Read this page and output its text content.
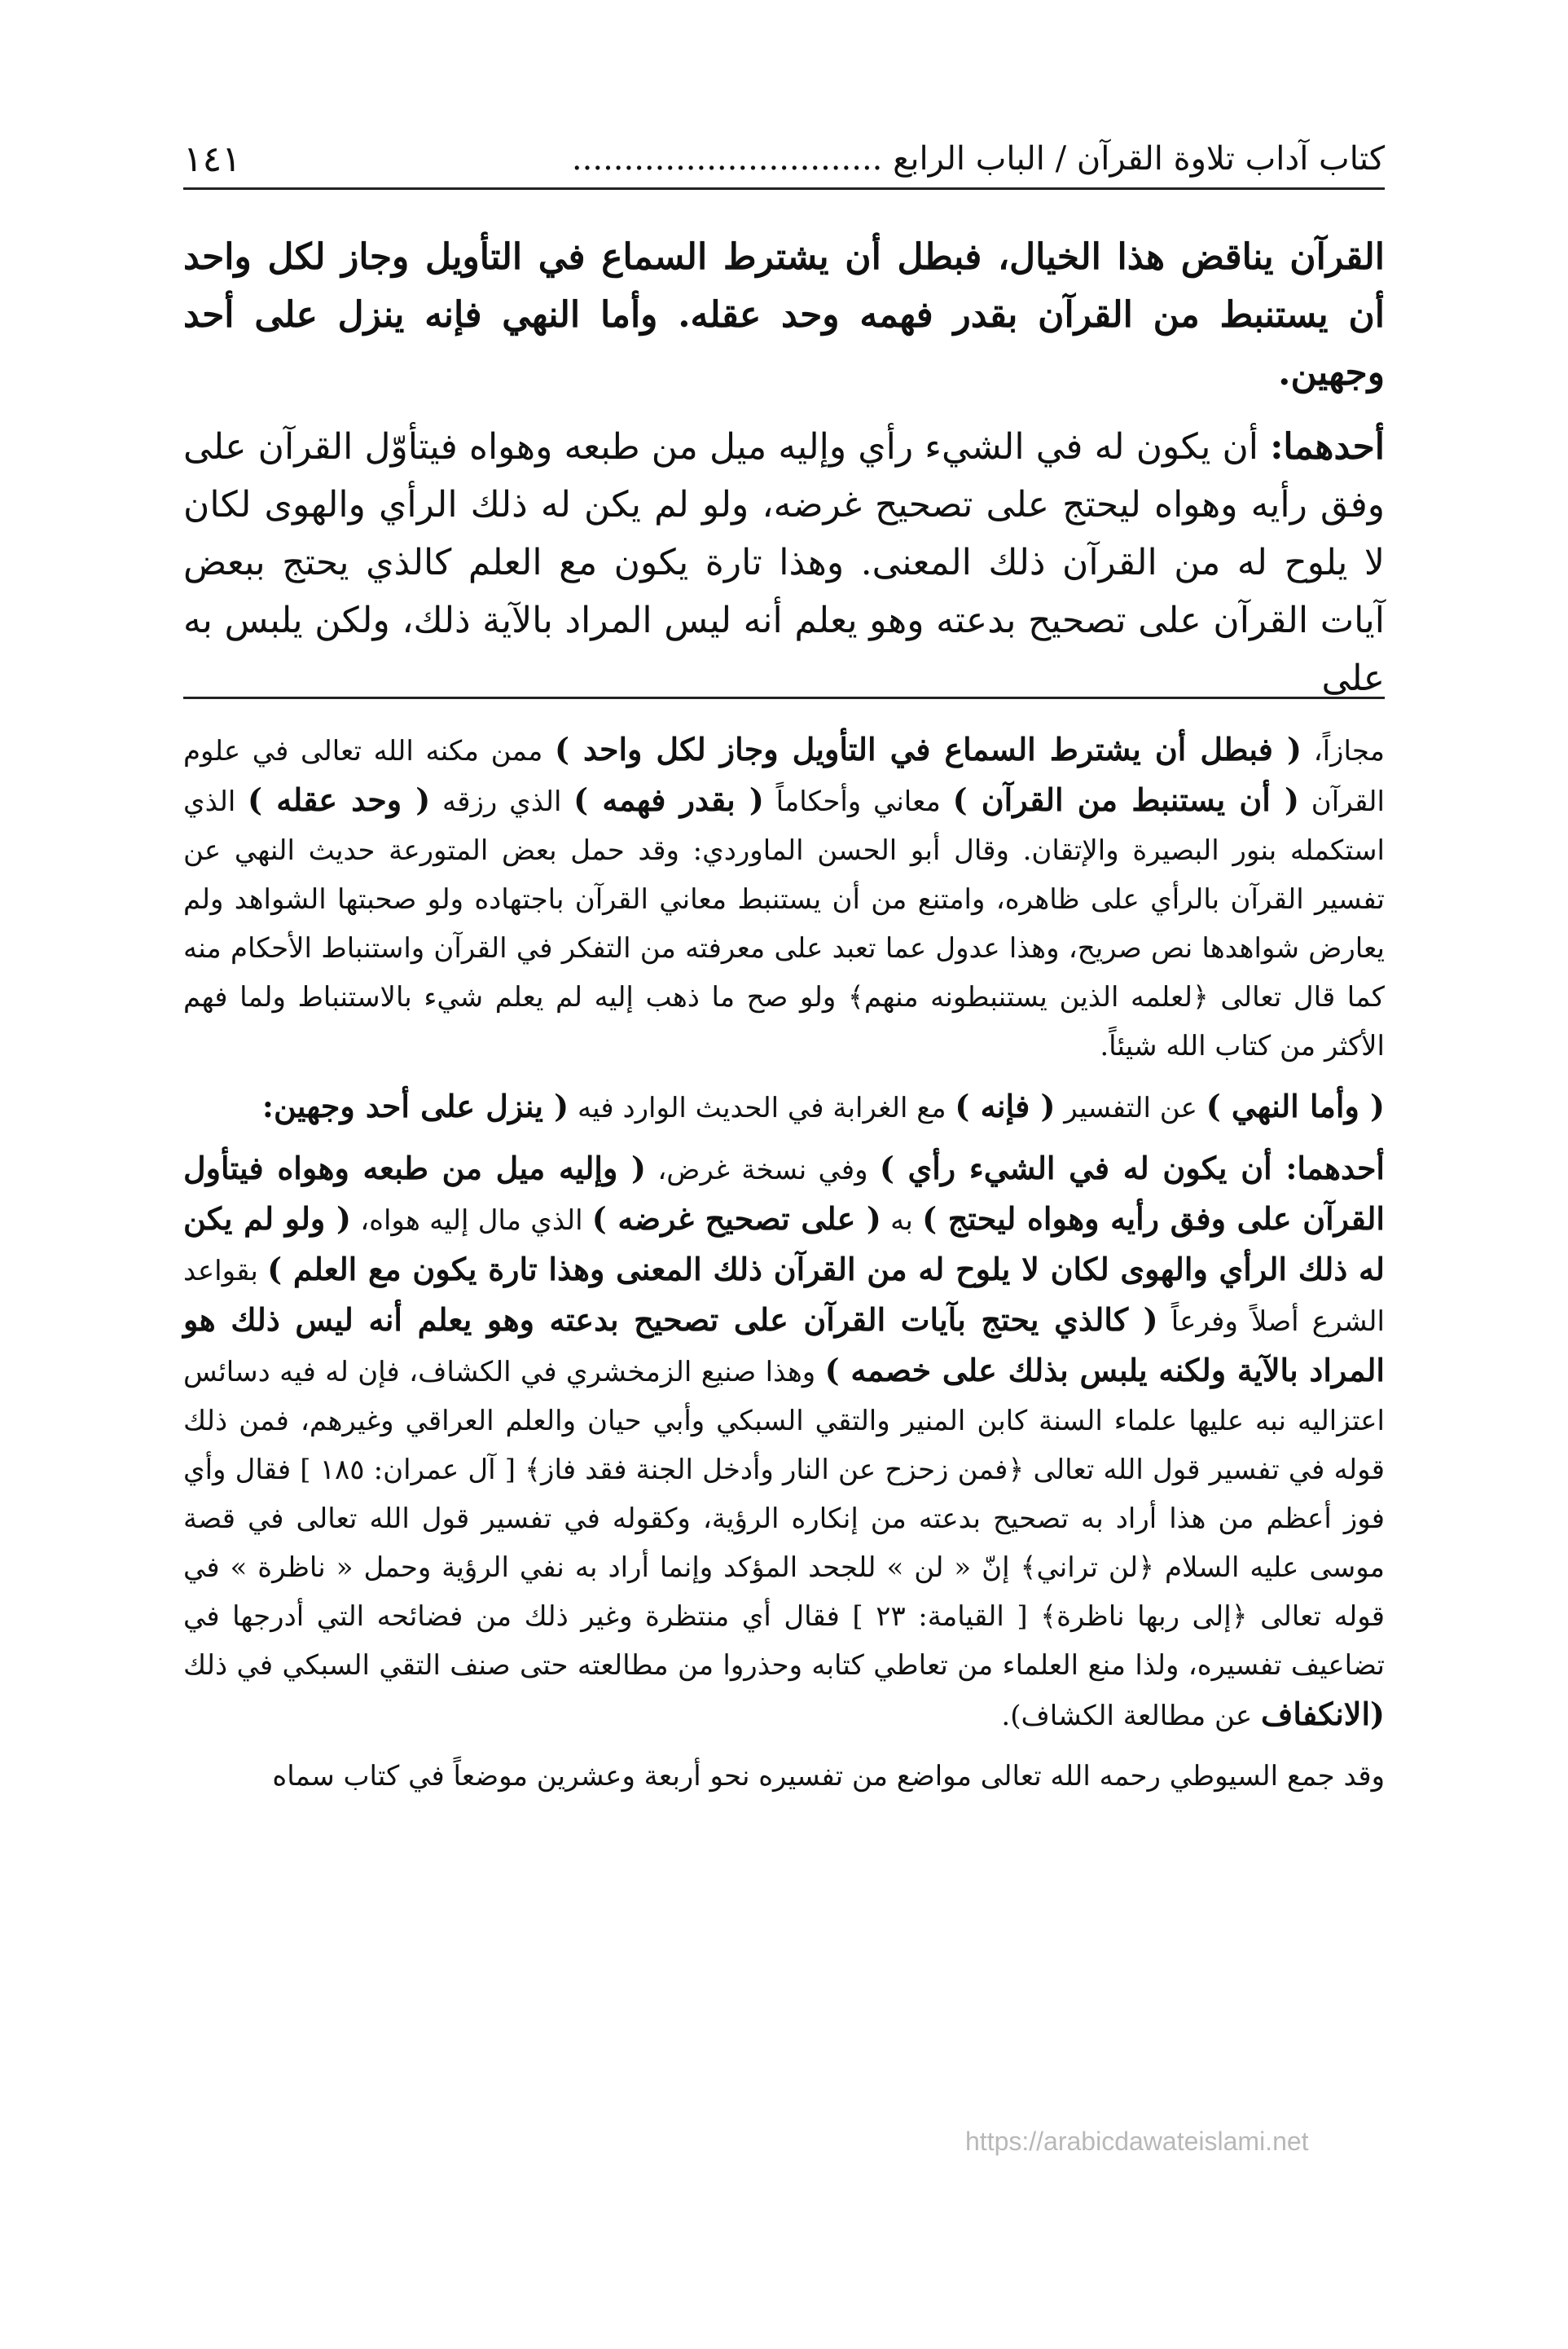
كتاب آداب تلاوة القرآن / الباب الرابع ..............................
١٤١

القرآن يناقض هذا الخيال، فبطل أن يشترط السماع في التأويل وجاز لكل واحد أن يستنبط من القرآن بقدر فهمه وحد عقله. وأما النهي فإنه ينزل على أحد وجهين.

أحدهما: أن يكون له في الشيء رأي وإليه ميل من طبعه وهواه فيتأوّل القرآن على وفق رأيه وهواه ليحتج على تصحيح غرضه، ولو لم يكن له ذلك الرأي والهوى لكان لا يلوح له من القرآن ذلك المعنى. وهذا تارة يكون مع العلم كالذي يحتج ببعض آيات القرآن على تصحيح بدعته وهو يعلم أنه ليس المراد بالآية ذلك، ولكن يلبس به على

مجازاً، ( فبطل أن يشترط السماع في التأويل وجاز لكل واحد ) ممن مكنه الله تعالى في علوم القرآن ( أن يستنبط من القرآن ) معاني وأحكاماً ( بقدر فهمه ) الذي رزقه ( وحد عقله ) الذي استكمله بنور البصيرة والإتقان. وقال أبو الحسن الماوردي: وقد حمل بعض المتورعة حديث النهي عن تفسير القرآن بالرأي على ظاهره، وامتنع من أن يستنبط معاني القرآن باجتهاده ولو صحبتها الشواهد ولم يعارض شواهدها نص صريح، وهذا عدول عما تعبد على معرفته من التفكر في القرآن واستنباط الأحكام منه كما قال تعالى ﴿لعلمه الذين يستنبطونه منهم﴾ ولو صح ما ذهب إليه لم يعلم شيء بالاستنباط ولما فهم الأكثر من كتاب الله شيئاً.

( وأما النهي ) عن التفسير ( فإنه ) مع الغرابة في الحديث الوارد فيه ( ينزل على أحد وجهين:

أحدهما: أن يكون له في الشيء رأي ) وفي نسخة غرض، ( وإليه ميل من طبعه وهواه فيتأول القرآن على وفق رأيه وهواه ليحتج ) به ( على تصحيح غرضه ) الذي مال إليه هواه، ( ولو لم يكن له ذلك الرأي والهوى لكان لا يلوح له من القرآن ذلك المعنى وهذا تارة يكون مع العلم ) بقواعد الشرع أصلاً وفرعاً ( كالذي يحتج بآيات القرآن على تصحيح بدعته وهو يعلم أنه ليس ذلك هو المراد بالآية ولكنه يلبس بذلك على خصمه ) وهذا صنيع الزمخشري في الكشاف، فإن له فيه دسائس اعتزاليه نبه عليها علماء السنة كابن المنير والتقي السبكي وأبي حيان والعلم العراقي وغيرهم، فمن ذلك قوله في تفسير قول الله تعالى ﴿فمن زحزح عن النار وأدخل الجنة فقد فاز﴾ [ آل عمران: ١٨٥ ] فقال وأي فوز أعظم من هذا أراد به تصحيح بدعته من إنكاره الرؤية، وكقوله في تفسير قول الله تعالى في قصة موسى عليه السلام ﴿لن تراني﴾ إنّ « لن » للجحد المؤكد وإنما أراد به نفي الرؤية وحمل « ناظرة » في قوله تعالى ﴿إلى ربها ناظرة﴾ [ القيامة: ٢٣ ] فقال أي منتظرة وغير ذلك من فضائحه التي أدرجها في تضاعيف تفسيره، ولذا منع العلماء من تعاطي كتابه وحذروا من مطالعته حتى صنف التقي السبكي في ذلك (الانكفاف عن مطالعة الكشاف).

وقد جمع السيوطي رحمه الله تعالى مواضع من تفسيره نحو أربعة وعشرين موضعاً في كتاب سماه

https://arabicdawateislami.net
